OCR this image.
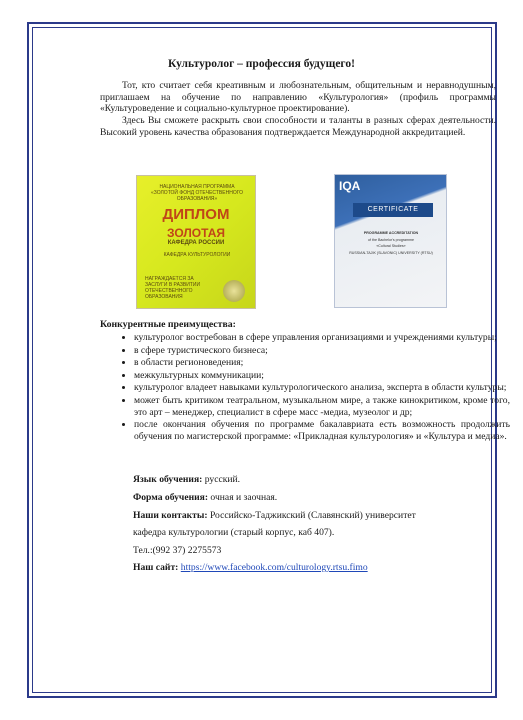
Культуролог – профессия будущего!
Тот, кто считает себя креативным и любознательным, общительным и неравнодушным, приглашаем на обучение по направлению «Культурология» (профиль программы «Культуроведение и социально-культурное проектирование).
Здесь Вы сможете раскрыть свои способности и таланты в разных сферах деятельности. Высокий уровень качества образования подтверждается Международной аккредитацией.
НАЦИОНАЛЬНАЯ ПРОГРАММА
«ЗОЛОТОЙ ФОНД ОТЕЧЕСТВЕННОГО ОБРАЗОВАНИЯ»
ДИПЛОМ
ЗОЛОТАЯ
КАФЕДРА РОССИИ
КАФЕДРА КУЛЬТУРОЛОГИИ
НАГРАЖДАЕТСЯ ЗА ЗАСЛУГИ В РАЗВИТИИ ОТЕЧЕСТВЕННОГО ОБРАЗОВАНИЯ
IQA
CERTIFICATE
PROGRAMME ACCREDITATION
of the Bachelor's programme
«Cultural Studies»
RUSSIAN-TAJIK (SLAVONIC) UNIVERSITY (RTSU)
Конкурентные преимущества:
• культуролог востребован в сфере управления организациями и учреждениями культуры;
• в сфере туристического бизнеса;
• в области регионоведения;
• межкультурных коммуникации;
• культуролог владеет навыками культурологического анализа, эксперта в области культуры;
• может быть критиком театральном, музыкальном мире, а также кинокритиком, кроме того, это арт – менеджер, специалист в сфере масс -медиа, музеолог и др;
• после окончания обучения по программе бакалавриата есть возможность продолжить обучения по магистерской программе: «Прикладная культурология» и «Культура и медиа».
Язык обучения: русский.
Форма обучения: очная и заочная.
Наши контакты: Российско-Таджикский (Славянский) университет
кафедра культурологии (старый корпус, каб 407).
Тел.:(992 37) 2275573
Наш сайт: https://www.facebook.com/culturology.rtsu.fimo
